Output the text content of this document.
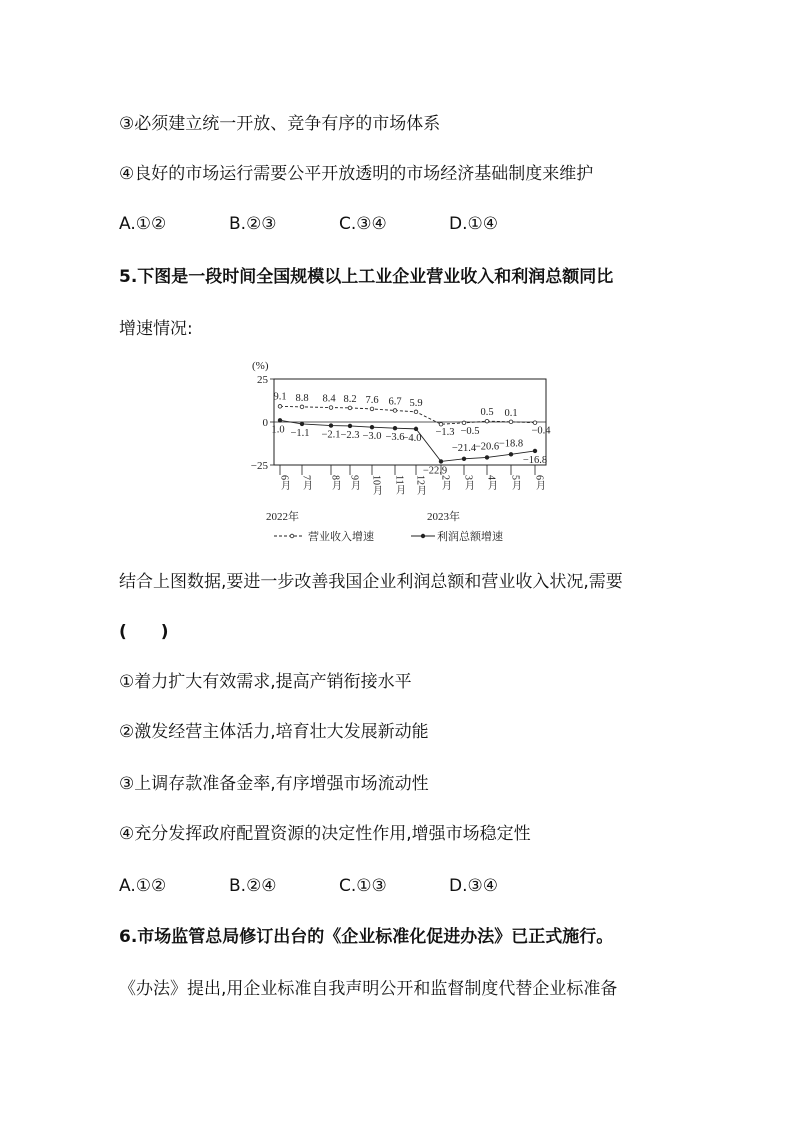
③必须建立统一开放、竞争有序的市场体系
④良好的市场运行需要公平开放透明的市场经济基础制度来维护
A.①②	B.②③	C.③④	D.①④
5.下图是一段时间全国规模以上工业企业营业收入和利润总额同比
增速情况:
(%)
25
0
−25
6月 7月 8月 9月 10月 11月 12月 2月 3月 4月 5月 6月
2022年	2023年
9.1 8.8 8.4 8.2 7.6 6.7 5.9
−1.3 −0.5
0.5 0.1
−0.4
1.0 −1.1 −2.1 −2.3 −3.0 −3.6
−4.0
−22.9
−21.4
−20.6 −18.8
−16.8
营业收入增速	利润总额增速
结合上图数据,要进一步改善我国企业利润总额和营业收入状况,需要
(　　)
①着力扩大有效需求,提高产销衔接水平
②激发经营主体活力,培育壮大发展新动能
③上调存款准备金率,有序增强市场流动性
④充分发挥政府配置资源的决定性作用,增强市场稳定性
A.①②	B.②④	C.①③	D.③④
6.市场监管总局修订出台的《企业标准化促进办法》已正式施行。
《办法》提出,用企业标准自我声明公开和监督制度代替企业标准备
